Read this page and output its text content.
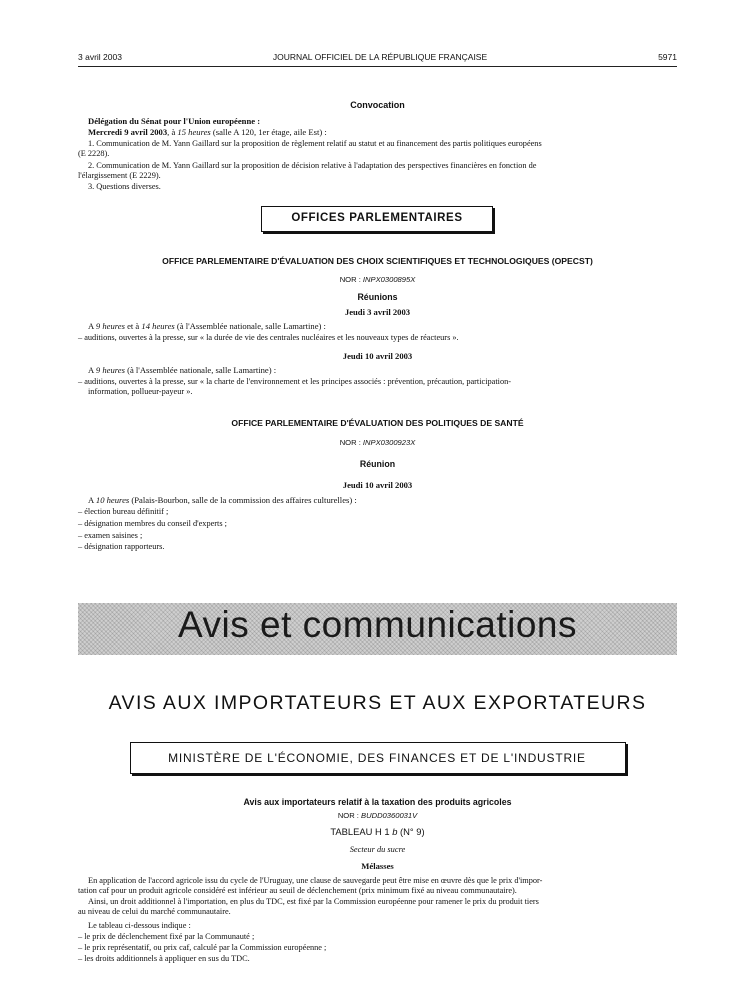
3 avril 2003	JOURNAL OFFICIEL DE LA RÉPUBLIQUE FRANÇAISE	5971
Convocation
Délégation du Sénat pour l'Union européenne :
Mercredi 9 avril 2003, à 15 heures (salle A 120, 1er étage, aile Est) :
1. Communication de M. Yann Gaillard sur la proposition de règlement relatif au statut et au financement des partis politiques européens
(E 2228).
2. Communication de M. Yann Gaillard sur la proposition de décision relative à l'adaptation des perspectives financières en fonction de
l'élargissement (E 2229).
3. Questions diverses.
OFFICES PARLEMENTAIRES
OFFICE PARLEMENTAIRE D'ÉVALUATION DES CHOIX SCIENTIFIQUES ET TECHNOLOGIQUES (OPECST)
NOR : INPX0300895X
Réunions
Jeudi 3 avril 2003
A 9 heures et à 14 heures (à l'Assemblée nationale, salle Lamartine) :
– auditions, ouvertes à la presse, sur « la durée de vie des centrales nucléaires et les nouveaux types de réacteurs ».
Jeudi 10 avril 2003
A 9 heures (à l'Assemblée nationale, salle Lamartine) :
– auditions, ouvertes à la presse, sur « la charte de l'environnement et les principes associés : prévention, précaution, participation-
information, pollueur-payeur ».
OFFICE PARLEMENTAIRE D'ÉVALUATION DES POLITIQUES DE SANTÉ
NOR : INPX0300923X
Réunion
Jeudi 10 avril 2003
A 10 heures (Palais-Bourbon, salle de la commission des affaires culturelles) :
– élection bureau définitif ;
– désignation membres du conseil d'experts ;
– examen saisines ;
– désignation rapporteurs.
Avis et communications
AVIS AUX IMPORTATEURS ET AUX EXPORTATEURS
MINISTÈRE DE L'ÉCONOMIE, DES FINANCES ET DE L'INDUSTRIE
Avis aux importateurs relatif à la taxation des produits agricoles
NOR : BUDD0360031V
TABLEAU H 1 b (N° 9)
Secteur du sucre
Mélasses
En application de l'accord agricole issu du cycle de l'Uruguay, une clause de sauvegarde peut être mise en œuvre dès que le prix d'impor-
tation caf pour un produit agricole considéré est inférieur au seuil de déclenchement (prix minimum fixé au niveau communautaire).
Ainsi, un droit additionnel à l'importation, en plus du TDC, est fixé par la Commission européenne pour ramener le prix du produit tiers
au niveau de celui du marché communautaire.
Le tableau ci-dessous indique :
– le prix de déclenchement fixé par la Communauté ;
– le prix représentatif, ou prix caf, calculé par la Commission européenne ;
– les droits additionnels à appliquer en sus du TDC.
